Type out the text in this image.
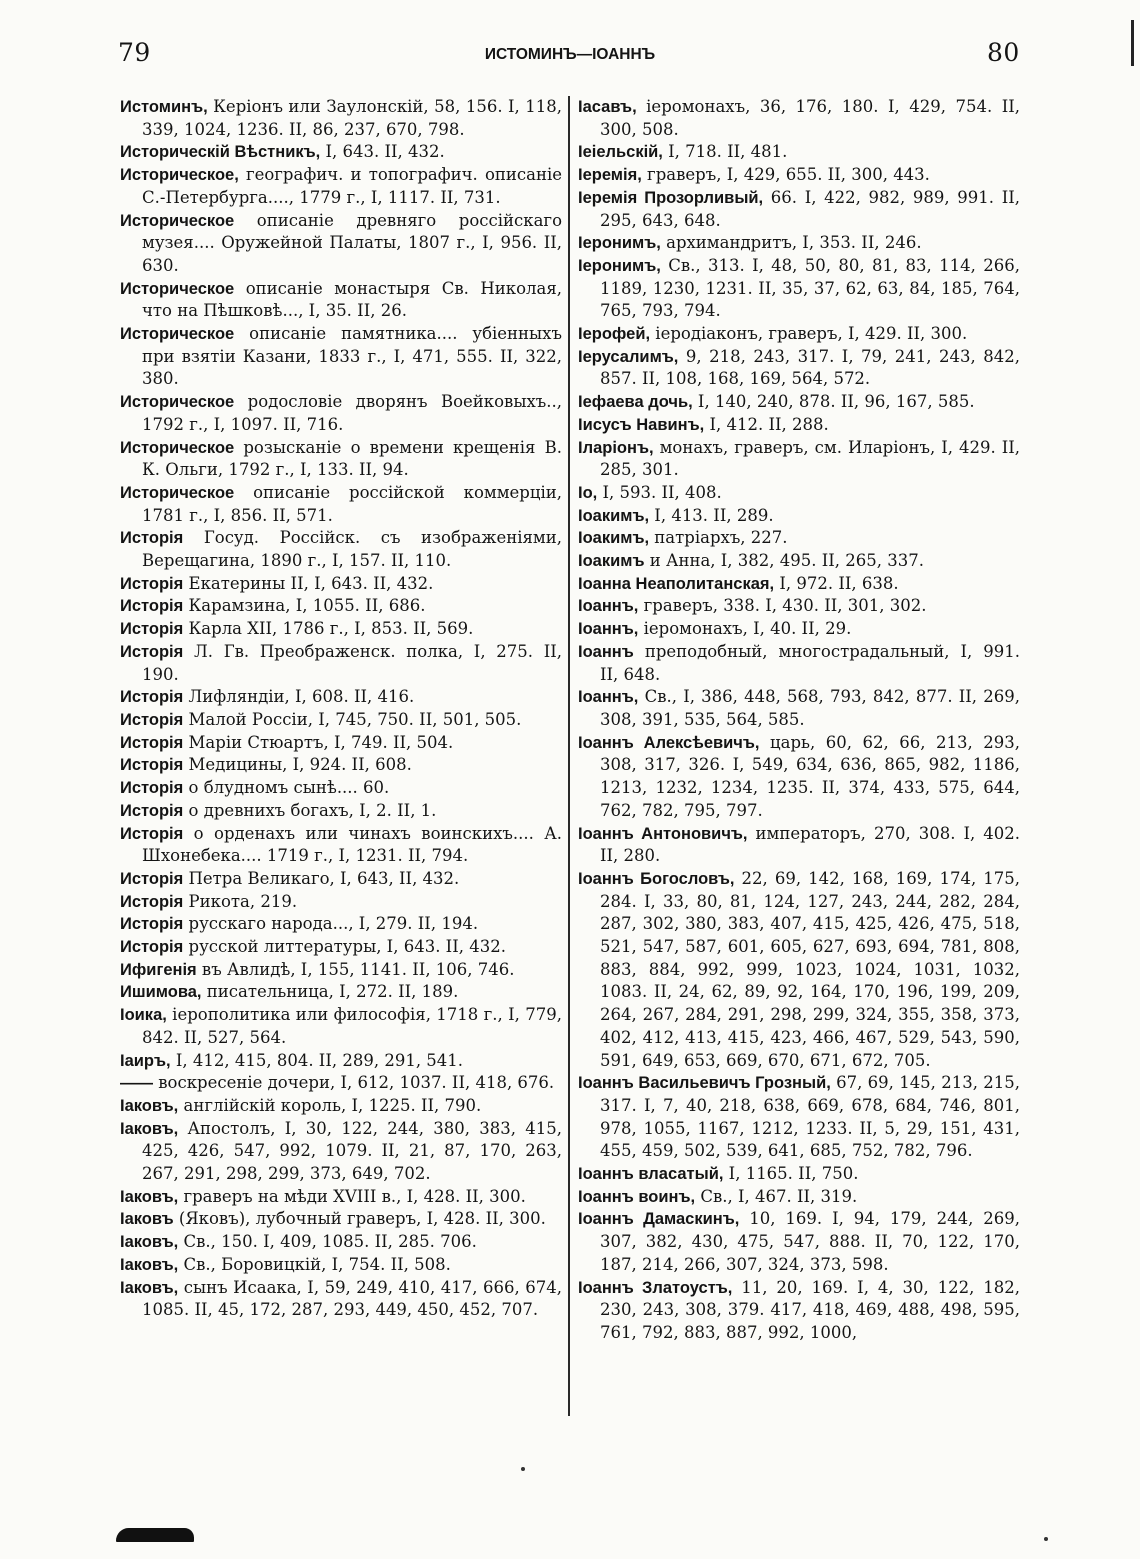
79	ИСТОМИНЪ—ІОАННЪ	80

Истоминъ, Керіонъ или Заулонскій, 58, 156. I, 118, 339, 1024, 1236. II, 86, 237, 670, 798.

Историческій Вѣстникъ, I, 643. II, 432.

Историческое, географич. и топографич. описаніе С.-Петербурга...., 1779 г., I, 1117. II, 731.

Историческое описаніе древняго россійскаго музея.... Оружейной Палаты, 1807 г., I, 956. II, 630.

Историческое описаніе монастыря Св. Николая, что на Пѣшковѣ..., I, 35. II, 26.

Историческое описаніе памятника.... убіенныхъ при взятіи Казани, 1833 г., I, 471, 555. II, 322, 380.

Историческое родословіе дворянъ Воейковыхъ.., 1792 г., I, 1097. II, 716.

Историческое розысканіе о времени крещенія В. К. Ольги, 1792 г., I, 133. II, 94.

Историческое описаніе россійской коммерціи, 1781 г., I, 856. II, 571.

Исторія Госуд. Россійск. съ изображеніями, Верещагина, 1890 г., I, 157. II, 110.

Исторія Екатерины II, I, 643. II, 432.

Исторія Карамзина, I, 1055. II, 686.

Исторія Карла XII, 1786 г., I, 853. II, 569.

Исторія Л. Гв. Преображенск. полка, I, 275. II, 190.

Исторія Лифляндіи, I, 608. II, 416.

Исторія Малой Россіи, I, 745, 750. II, 501, 505.

Исторія Маріи Стюартъ, I, 749. II, 504.

Исторія Медицины, I, 924. II, 608.

Исторія о блудномъ сынѣ.... 60.

Исторія о древнихъ богахъ, I, 2. II, 1.

Исторія о орденахъ или чинахъ воинскихъ.... А. Шхонебека.... 1719 г., I, 1231. II, 794.

Исторія Петра Великаго, I, 643, II, 432.

Исторія Рикота, 219.

Исторія русскаго народа..., I, 279. II, 194.

Исторія русской литтературы, I, 643. II, 432.

Ифигенія въ Авлидѣ, I, 155, 1141. II, 106, 746.

Ишимова, писательница, I, 272. II, 189.

Іоика, іерополитика или философія, 1718 г., I, 779, 842. II, 527, 564.

Іаиръ, I, 412, 415, 804. II, 289, 291, 541.

—— воскресеніе дочери, I, 612, 1037. II, 418, 676.

Іаковъ, англійскій король, I, 1225. II, 790.

Іаковъ, Апостолъ, I, 30, 122, 244, 380, 383, 415, 425, 426, 547, 992, 1079. II, 21, 87, 170, 263, 267, 291, 298, 299, 373, 649, 702.

Іаковъ, граверъ на мѣди XVIII в., I, 428. II, 300.

Іаковъ (Яковъ), лубочный граверъ, I, 428. II, 300.

Іаковъ, Св., 150. I, 409, 1085. II, 285. 706.

Іаковъ, Св., Боровицкій, I, 754. II, 508.

Іаковъ, сынъ Исаака, I, 59, 249, 410, 417, 666, 674, 1085. II, 45, 172, 287, 293, 449, 450, 452, 707.

Іасавъ, іеромонахъ, 36, 176, 180. I, 429, 754. II, 300, 508.

Іеіельскій, I, 718. II, 481.

Іеремія, граверъ, I, 429, 655. II, 300, 443.

Іеремія Прозорливый, 66. I, 422, 982, 989, 991. II, 295, 643, 648.

Іеронимъ, архимандритъ, I, 353. II, 246.

Іеронимъ, Св., 313. I, 48, 50, 80, 81, 83, 114, 266, 1189, 1230, 1231. II, 35, 37, 62, 63, 84, 185, 764, 765, 793, 794.

Іерофей, іеродіаконъ, граверъ, I, 429. II, 300.

Іерусалимъ, 9, 218, 243, 317. I, 79, 241, 243, 842, 857. II, 108, 168, 169, 564, 572.

Іефаева дочь, I, 140, 240, 878. II, 96, 167, 585.

Іисусъ Навинъ, I, 412. II, 288.

Іларіонъ, монахъ, граверъ, см. Иларіонъ, I, 429. II, 285, 301.

Іо, I, 593. II, 408.

Іоакимъ, I, 413. II, 289.

Іоакимъ, патріархъ, 227.

Іоакимъ и Анна, I, 382, 495. II, 265, 337.

Іоанна Неаполитанская, I, 972. II, 638.

Іоаннъ, граверъ, 338. I, 430. II, 301, 302.

Іоаннъ, іеромонахъ, I, 40. II, 29.

Іоаннъ преподобный, многострадальный, I, 991. II, 648.

Іоаннъ, Св., I, 386, 448, 568, 793, 842, 877. II, 269, 308, 391, 535, 564, 585.

Іоаннъ Алексѣевичъ, царь, 60, 62, 66, 213, 293, 308, 317, 326. I, 549, 634, 636, 865, 982, 1186, 1213, 1232, 1234, 1235. II, 374, 433, 575, 644, 762, 782, 795, 797.

Іоаннъ Антоновичъ, императоръ, 270, 308. I, 402. II, 280.

Іоаннъ Богословъ, 22, 69, 142, 168, 169, 174, 175, 284. I, 33, 80, 81, 124, 127, 243, 244, 282, 284, 287, 302, 380, 383, 407, 415, 425, 426, 475, 518, 521, 547, 587, 601, 605, 627, 693, 694, 781, 808, 883, 884, 992, 999, 1023, 1024, 1031, 1032, 1083. II, 24, 62, 89, 92, 164, 170, 196, 199, 209, 264, 267, 284, 291, 298, 299, 324, 355, 358, 373, 402, 412, 413, 415, 423, 466, 467, 529, 543, 590, 591, 649, 653, 669, 670, 671, 672, 705.

Іоаннъ Васильевичъ Грозный, 67, 69, 145, 213, 215, 317. I, 7, 40, 218, 638, 669, 678, 684, 746, 801, 978, 1055, 1167, 1212, 1233. II, 5, 29, 151, 431, 455, 459, 502, 539, 641, 685, 752, 782, 796.

Іоаннъ власатый, I, 1165. II, 750.

Іоаннъ воинъ, Св., I, 467. II, 319.

Іоаннъ Дамаскинъ, 10, 169. I, 94, 179, 244, 269, 307, 382, 430, 475, 547, 888. II, 70, 122, 170, 187, 214, 266, 307, 324, 373, 598.

Іоаннъ Златоустъ, 11, 20, 169. I, 4, 30, 122, 182, 230, 243, 308, 379. 417, 418, 469, 488, 498, 595, 761, 792, 883, 887, 992, 1000,
